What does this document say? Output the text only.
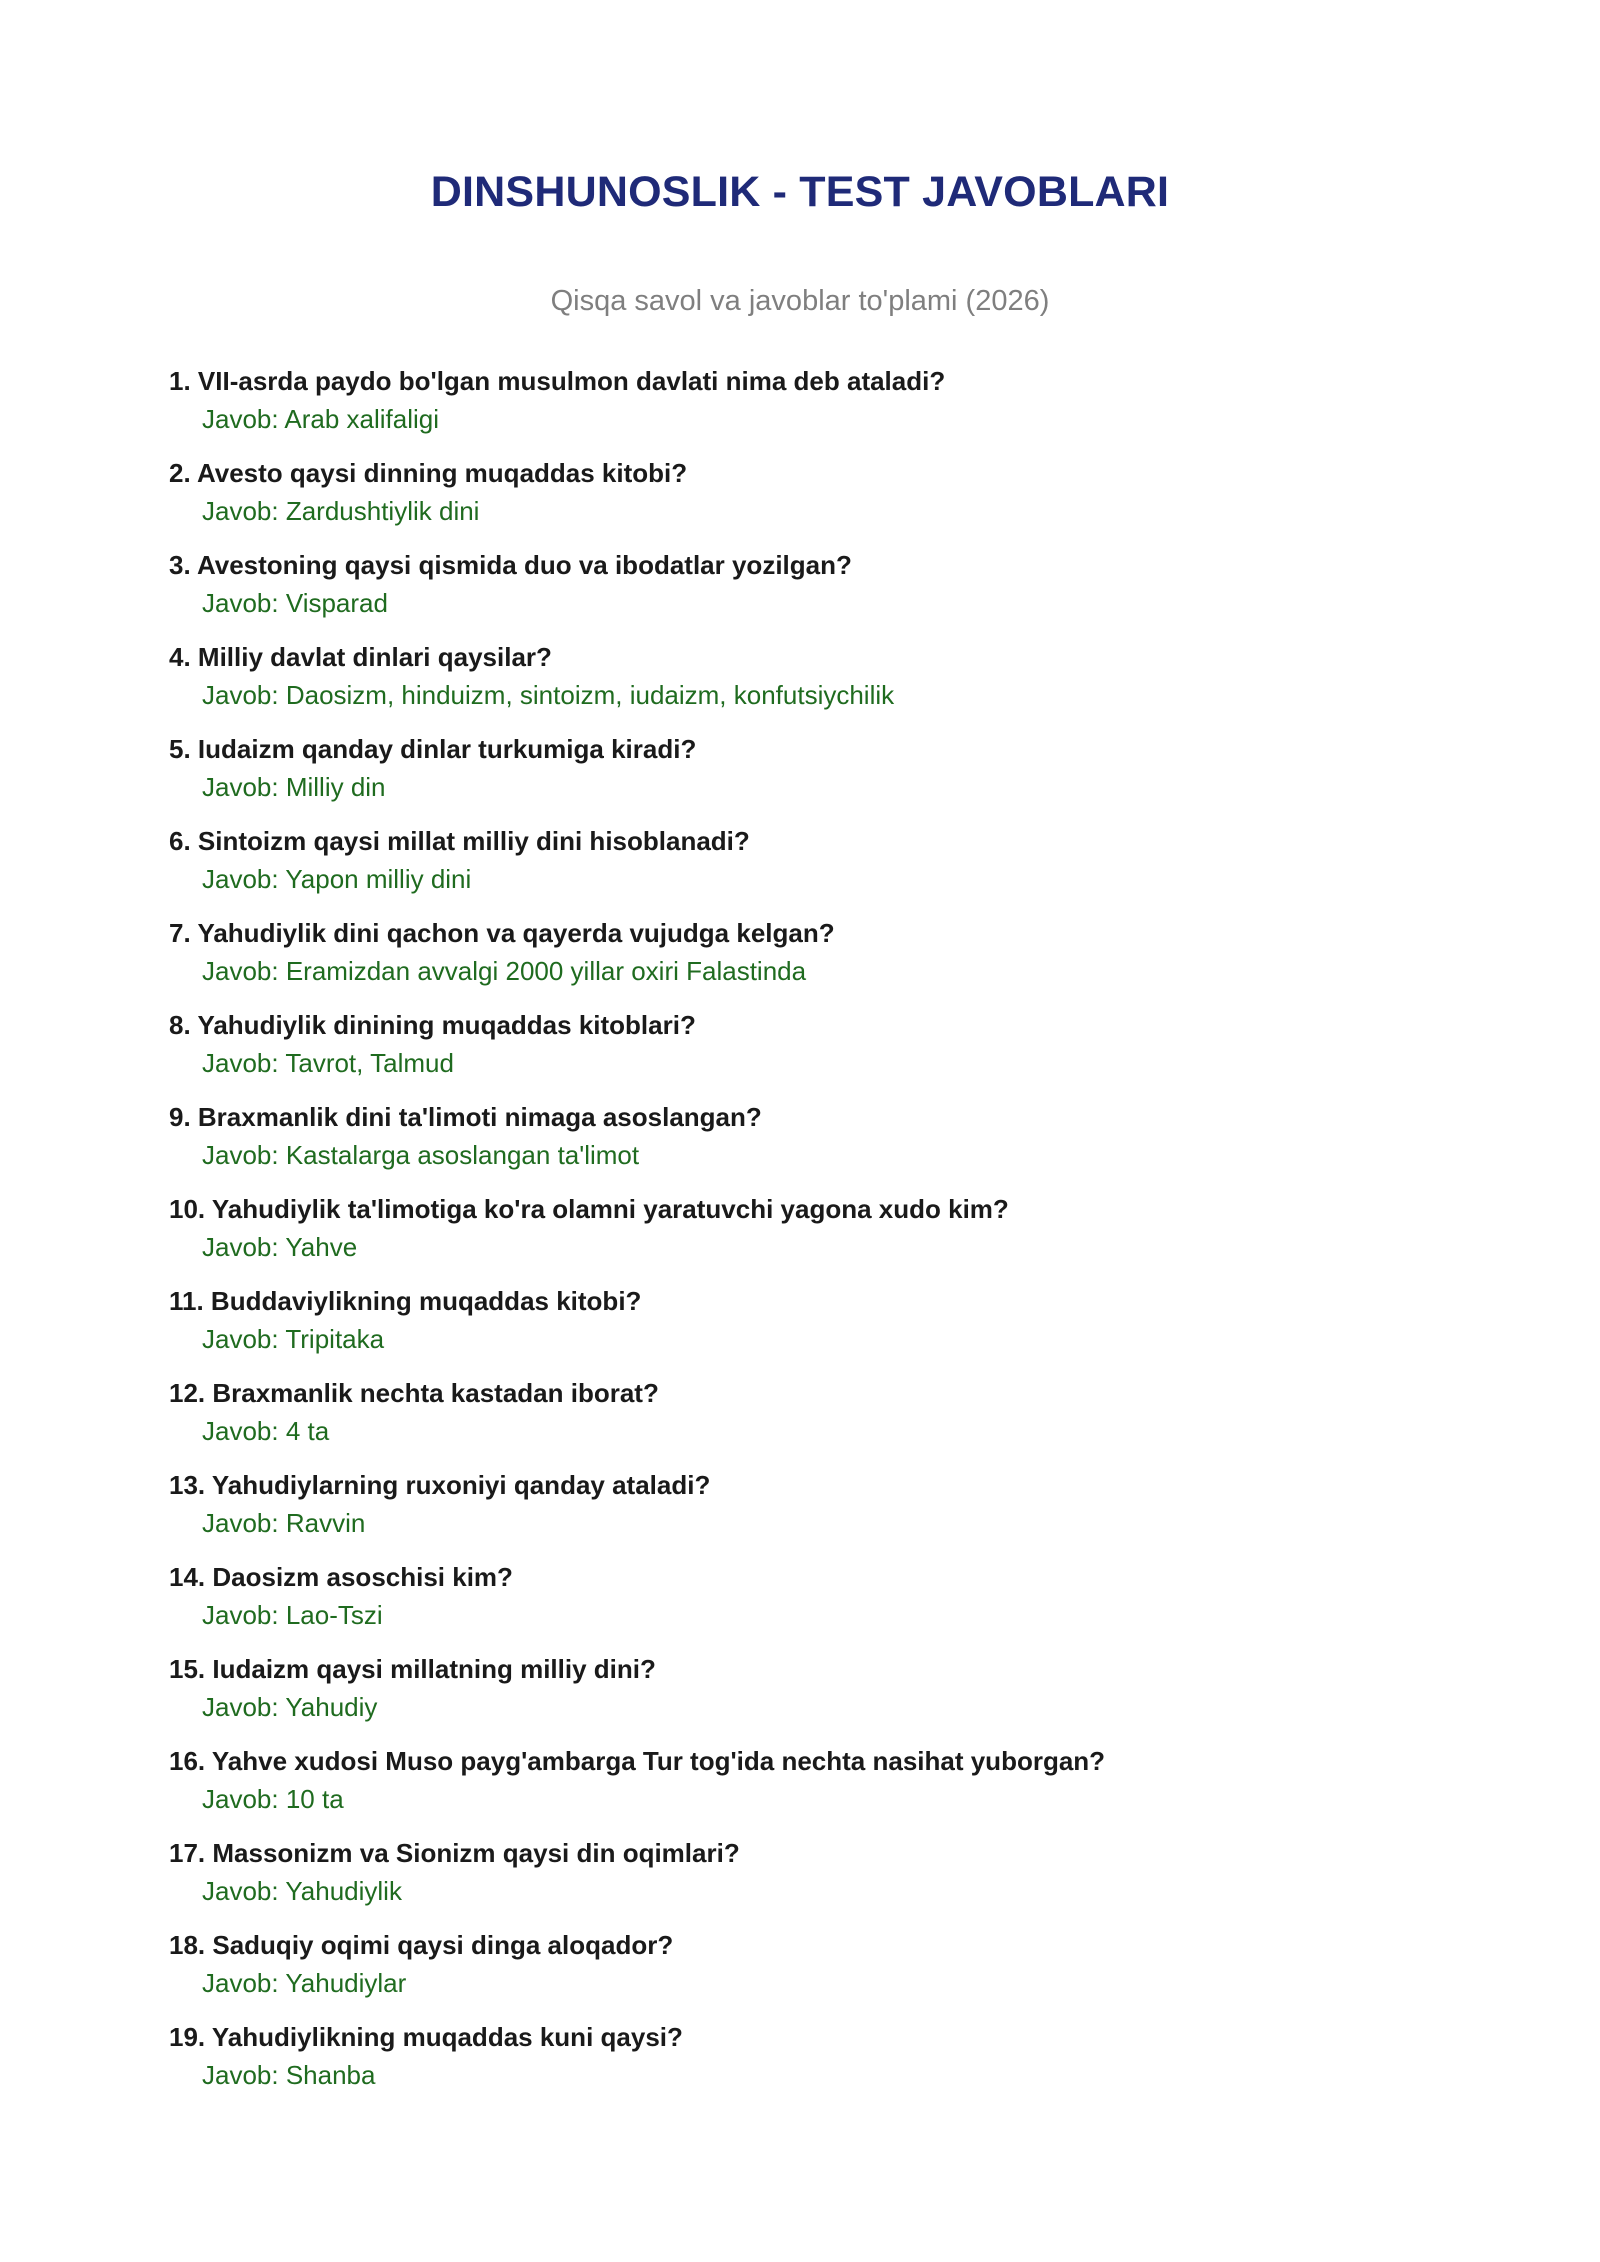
DINSHUNOSLIK - TEST JAVOBLARI

Qisqa savol va javoblar to'plami (2026)

1. VII-asrda paydo bo'lgan musulmon davlati nima deb ataladi?
Javob: Arab xalifaligi
2. Avesto qaysi dinning muqaddas kitobi?
Javob: Zardushtiylik dini
3. Avestoning qaysi qismida duo va ibodatlar yozilgan?
Javob: Visparad
4. Milliy davlat dinlari qaysilar?
Javob: Daosizm, hinduizm, sintoizm, iudaizm, konfutsiychilik
5. Iudaizm qanday dinlar turkumiga kiradi?
Javob: Milliy din
6. Sintoizm qaysi millat milliy dini hisoblanadi?
Javob: Yapon milliy dini
7. Yahudiylik dini qachon va qayerda vujudga kelgan?
Javob: Eramizdan avvalgi 2000 yillar oxiri Falastinda
8. Yahudiylik dinining muqaddas kitoblari?
Javob: Tavrot, Talmud
9. Braxmanlik dini ta'limoti nimaga asoslangan?
Javob: Kastalarga asoslangan ta'limot
10. Yahudiylik ta'limotiga ko'ra olamni yaratuvchi yagona xudo kim?
Javob: Yahve
11. Buddaviylikning muqaddas kitobi?
Javob: Tripitaka
12. Braxmanlik nechta kastadan iborat?
Javob: 4 ta
13. Yahudiylarning ruxoniyi qanday ataladi?
Javob: Ravvin
14. Daosizm asoschisi kim?
Javob: Lao-Tszi
15. Iudaizm qaysi millatning milliy dini?
Javob: Yahudiy
16. Yahve xudosi Muso payg'ambarga Tur tog'ida nechta nasihat yuborgan?
Javob: 10 ta
17. Massonizm va Sionizm qaysi din oqimlari?
Javob: Yahudiylik
18. Saduqiy oqimi qaysi dinga aloqador?
Javob: Yahudiylar
19. Yahudiylikning muqaddas kuni qaysi?
Javob: Shanba
